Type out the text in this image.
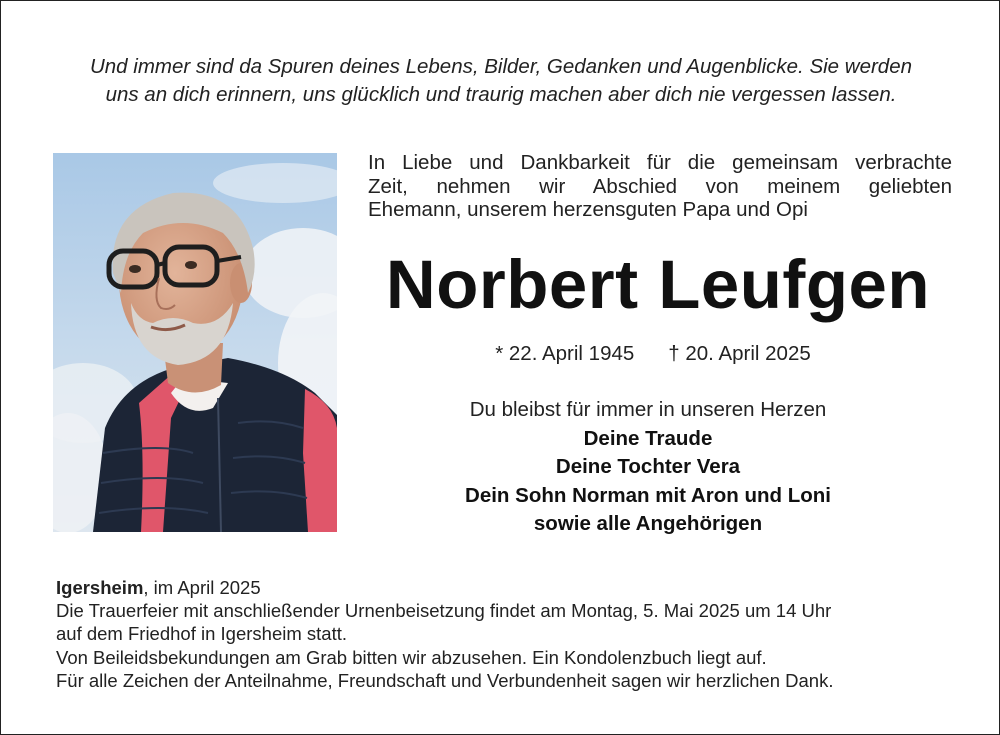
Und immer sind da Spuren deines Lebens, Bilder, Gedanken und Augenblicke. Sie werden
uns an dich erinnern, uns glücklich und traurig machen aber dich nie vergessen lassen.
In Liebe und Dankbarkeit für die gemeinsam verbrachte
Zeit, nehmen wir Abschied von meinem geliebten
Ehemann, unserem herzensguten Papa und Opi
Norbert Leufgen
* 22. April 1945 † 20. April 2025
Du bleibst für immer in unseren Herzen
Deine Traude
Deine Tochter Vera
Dein Sohn Norman mit Aron und Loni
sowie alle Angehörigen
Igersheim, im April 2025
Die Trauerfeier mit anschließender Urnenbeisetzung findet am Montag, 5. Mai 2025 um 14 Uhr
auf dem Friedhof in Igersheim statt.
Von Beileidsbekundungen am Grab bitten wir abzusehen. Ein Kondolenzbuch liegt auf.
Für alle Zeichen der Anteilnahme, Freundschaft und Verbundenheit sagen wir herzlichen Dank.
